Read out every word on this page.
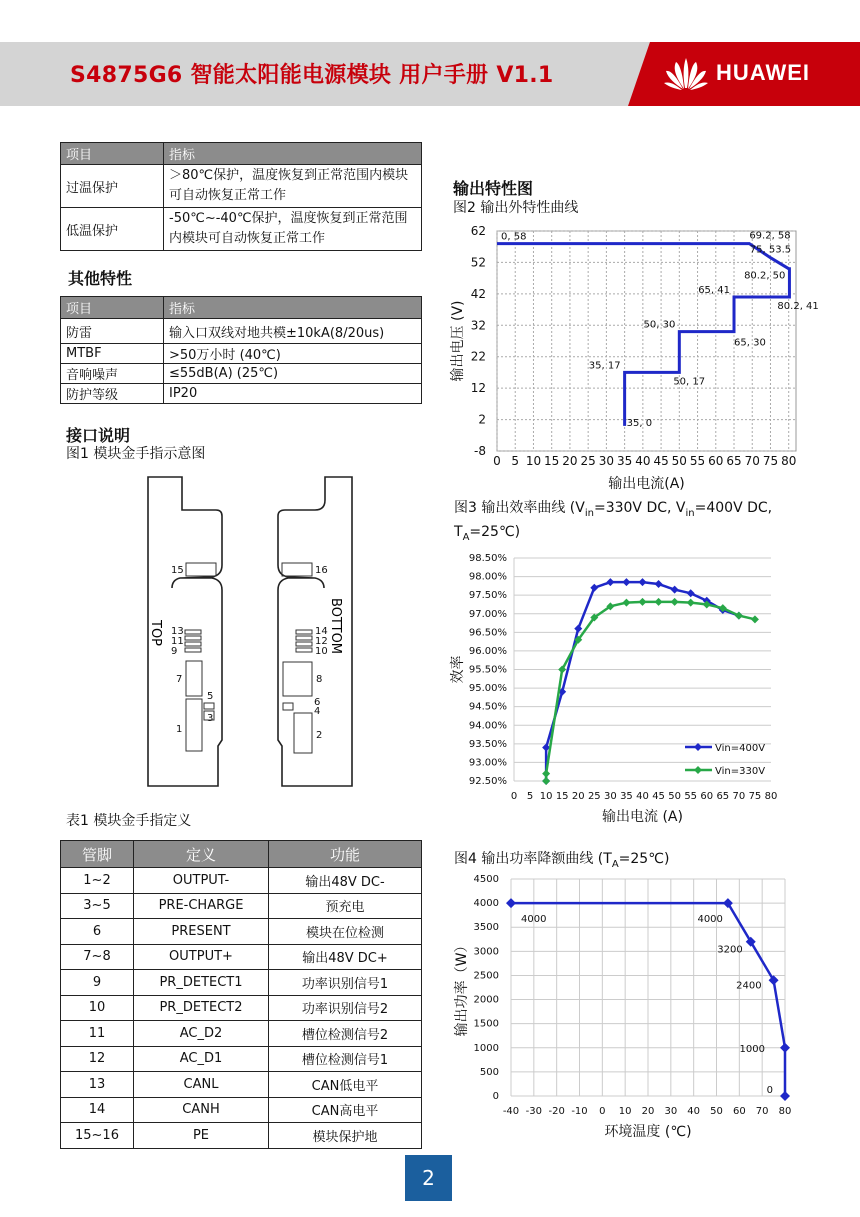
S4875G6 智能太阳能电源模块 用户手册 V1.1	HUAWEI
项目	指标
过温保护	＞80℃保护，温度恢复到正常范围内模块可自动恢复正常工作
低温保护	-50℃~-40℃保护，温度恢复到正常范围内模块可自动恢复正常工作
其他特性
项目	指标
防雷	输入口双线对地共模±10kA(8/20us)
MTBF	>50万小时 (40℃)
音响噪声	≤55dB(A) (25℃)
防护等级	IP20
接口说明
图1 模块金手指示意图
15
13
11
9
7
5
3
1
16
14
12
10
8
6
4
2
TOP	BOTTOM
表1 模块金手指定义
管脚	定义	功能
1~2	OUTPUT-	输出48V DC-
3~5	PRE-CHARGE	预充电
6	PRESENT	模块在位检测
7~8	OUTPUT+	输出48V DC+
9	PR_DETECT1	功率识别信号1
10	PR_DETECT2	功率识别信号2
11	AC_D2	槽位检测信号2
12	AC_D1	槽位检测信号1
13	CANL	CAN低电平
14	CANH	CAN高电平
15~16	PE	模块保护地
输出特性图
图2 输出外特性曲线
0 5 10 15 20 25 30 35 40 45 50 55 60 65 70 75 80
-8
2
12
22
32
42
52
62 0, 58	69.2, 58
75, 53.5
80.2, 50
80.2, 41
65, 41
65, 30
50, 30
50, 17
35, 17
35, 0
输出电流(A)
输出电压 (V)
图3 输出效率曲线 ($V_{in}=330V$ DC, $V_{in}=400V$ DC,
$T_A=25℃$)
92.50%
93.00%
93.50%
94.00%
94.50%
95.00%
95.50%
96.00%
96.50%
97.00%
97.50%
98.00%
98.50%
0 5 10 15 20 25 30 35 40 45 50 55 60 65 70 75 80
Vin=400V
Vin=330V
输出电流 (A)
效率
图4 输出功率降额曲线 $(T_A=25℃)$
0
500
1000
1500
2000
2500
3000
3500
4000
4500
-40 -30 -20 -10 0 10 20 30 40 50 60 70 80
4000	4000
3200
2400
1000
0
环境温度 (℃)
输出功率（W）
2
